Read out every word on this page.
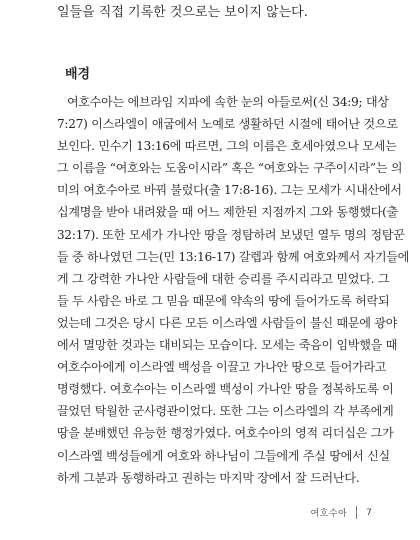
일들을 직접 기록한 것으로는 보이지 않는다.
배경
여호수아는 에브라임 지파에 속한 눈의 아들로써(신 34:9; 대상
7:27) 이스라엘이 애굽에서 노예로 생활하던 시절에 태어난 것으로
보인다. 민수기 13:16에 따르면, 그의 이름은 호세아였으나 모세는
그 이름을 “여호와는 도움이시라” 혹은 “여호와는 구주이시라”는 의
미의 여호수아로 바꿔 불렀다(출 17:8-16). 그는 모세가 시내산에서
십계명을 받아 내려왔을 때 어느 제한된 지점까지 그와 동행했다(출
32:17). 또한 모세가 가나안 땅을 정탐하려 보냈던 열두 명의 정탐꾼
들 중 하나였던 그는(민 13:16-17) 갈렙과 함께 여호와께서 자기들에
게 그 강력한 가나안 사람들에 대한 승리를 주시리라고 믿었다. 그
들 두 사람은 바로 그 믿음 때문에 약속의 땅에 들어가도록 허락되
었는데 그것은 당시 다른 모든 이스라엘 사람들이 불신 때문에 광야
에서 멸망한 것과는 대비되는 모습이다. 모세는 죽음이 임박했을 때
여호수아에게 이스라엘 백성을 이끌고 가나안 땅으로 들어가라고
명령했다. 여호수아는 이스라엘 백성이 가나안 땅을 정복하도록 이
끌었던 탁월한 군사령관이었다. 또한 그는 이스라엘의 각 부족에게
땅을 분배했던 유능한 행정가였다. 여호수아의 영적 리더십은 그가
이스라엘 백성들에게 여호와 하나님이 그들에게 주실 땅에서 신실
하게 그분과 동행하라고 권하는 마지막 장에서 잘 드러난다.
여호수아 7
